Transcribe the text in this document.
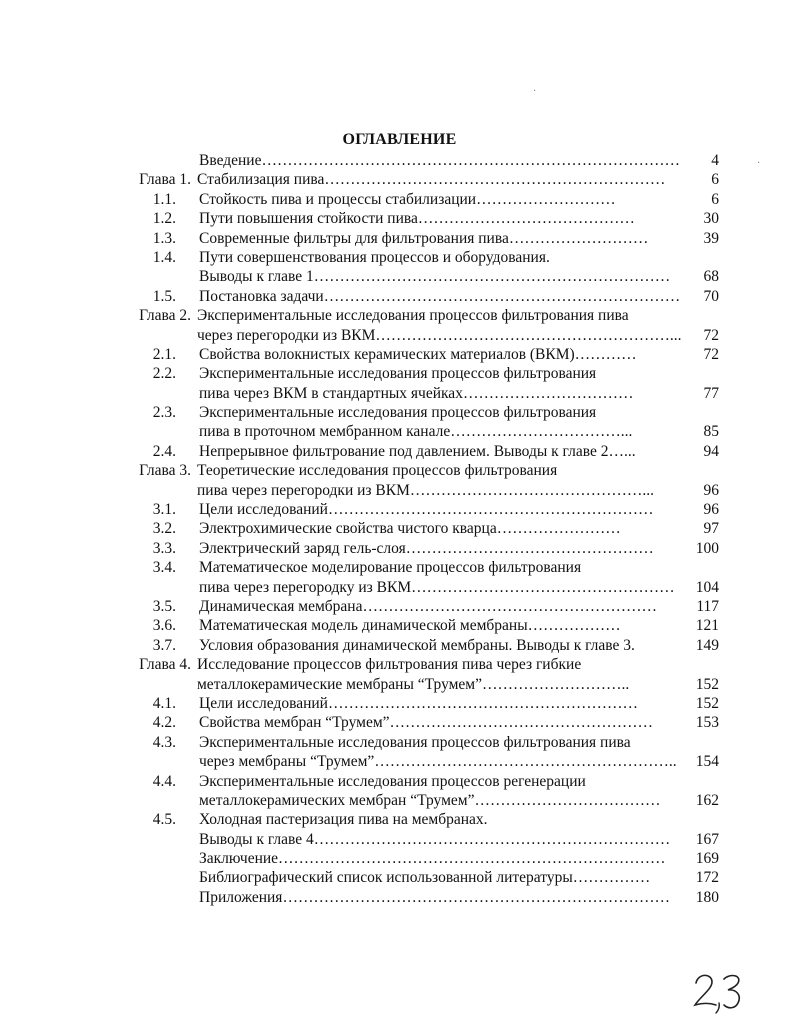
·
·
ОГЛАВЛЕНИЕ
Введение………………………………………………………………………	4
Глава 1. Стабилизация пива…………………………………………………………	6
1.1. Стойкость пива и процессы стабилизации………………………	6
1.2. Пути повышения стойкости пива……………………………………	30
1.3. Современные фильтры для фильтрования пива………………………	39
1.4. Пути совершенствования процессов и оборудования.
Выводы к главе 1……………………………………………………………	68
1.5. Постановка задачи……………………………………………………………	70
Глава 2. Экспериментальные исследования процессов фильтрования пива
через перегородки из ВКМ…………………………………………………... 72
2.1. Свойства волокнистых керамических материалов (ВКМ)…………	72
2.2. Экспериментальные исследования процессов фильтрования
пива через ВКМ в стандартных ячейках……………………………	77
2.3. Экспериментальные исследования процессов фильтрования
пива в проточном мембранном канале……………………………...	85
2.4. Непрерывное фильтрование под давлением. Выводы к главе 2…...	94
Глава 3. Теоретические исследования процессов фильтрования
пива через перегородки из ВКМ………………………………………...	96
3.1. Цели исследований………………………………………………………	96
3.2. Электрохимические свойства чистого кварца……………………	97
3.3. Электрический заряд гель-слоя…………………………………………	100
3.4. Математическое моделирование процессов фильтрования
пива через перегородку из ВКМ……………………………………………	104
3.5. Динамическая мембрана…………………………………………………	117
3.6. Математическая модель динамической мембраны………………	121
3.7. Условия образования динамической мембраны. Выводы к главе 3.	149
Глава 4. Исследование процессов фильтрования пива через гибкие
металлокерамические мембраны “Трумем”………………………..	152
4.1. Цели исследований……………………………………………………	152
4.2. Свойства мембран “Трумем”……………………………………………	153
4.3. Экспериментальные исследования процессов фильтрования пива
через мембраны “Трумем”…………………………………………………..	154
4.4. Экспериментальные исследования процессов регенерации
металлокерамических мембран “Трумем”………………………………	162
4.5. Холодная пастеризация пива на мембранах.
Выводы к главе 4……………………………………………………………	167
Заключение…………………………………………………………………	169
Библиографический список использованной литературы……………	172
Приложения…………………………………………………………………	180
